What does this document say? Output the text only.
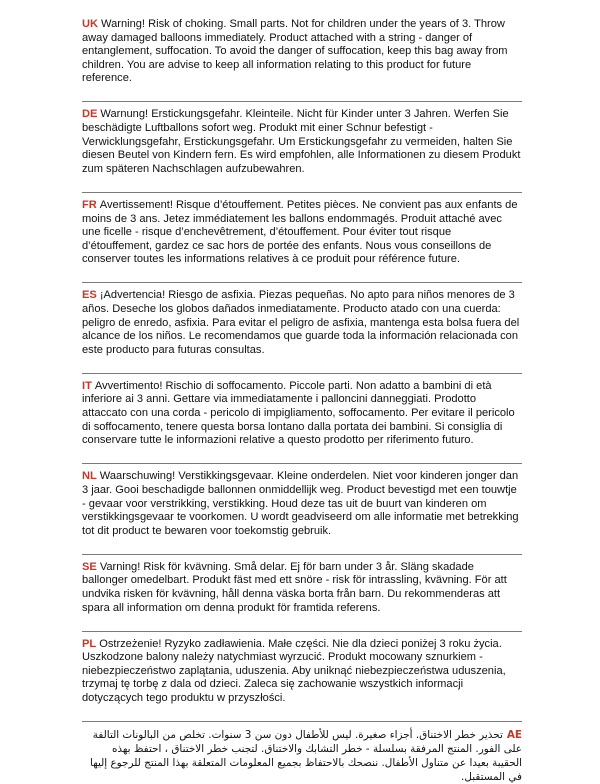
UK Warning! Risk of choking. Small parts. Not for children under the years of 3. Throw away damaged balloons immediately. Product attached with a string - danger of entanglement, suffocation. To avoid the danger of suffocation, keep this bag away from children. You are advise to keep all information relating to this product for future reference.
DE Warnung! Erstickungsgefahr. Kleinteile. Nicht für Kinder unter 3 Jahren. Werfen Sie beschädigte Luftballons sofort weg. Produkt mit einer Schnur befestigt - Verwicklungsgefahr, Erstickungsgefahr. Um Erstickungsgefahr zu vermeiden, halten Sie diesen Beutel von Kindern fern. Es wird empfohlen, alle Informationen zu diesem Produkt zum späteren Nachschlagen aufzubewahren.
FR Avertissement! Risque d’étouffement. Petites pièces. Ne convient pas aux enfants de moins de 3 ans. Jetez immédiatement les ballons endommagés. Produit attaché avec une ficelle - risque d’enchevêtrement, d’étouffement. Pour éviter tout risque d’étouffement, gardez ce sac hors de portée des enfants. Nous vous conseillons de conserver toutes les informations relatives à ce produit pour référence future.
ES ¡Advertencia! Riesgo de asfixia. Piezas pequeñas. No apto para niños menores de 3 años. Deseche los globos dañados inmediatamente. Producto atado con una cuerda: peligro de enredo, asfixia. Para evitar el peligro de asfixia, mantenga esta bolsa fuera del alcance de los niños. Le recomendamos que guarde toda la información relacionada con este producto para futuras consultas.
IT Avvertimento! Rischio di soffocamento. Piccole parti. Non adatto a bambini di età inferiore ai 3 anni. Gettare via immediatamente i palloncini danneggiati. Prodotto attaccato con una corda - pericolo di impigliamento, soffocamento. Per evitare il pericolo di soffocamento, tenere questa borsa lontano dalla portata dei bambini. Si consiglia di conservare tutte le informazioni relative a questo prodotto per riferimento futuro.
NL Waarschuwing! Verstikkingsgevaar. Kleine onderdelen. Niet voor kinderen jonger dan 3 jaar. Gooi beschadigde ballonnen onmiddellijk weg. Product bevestigd met een touwtje - gevaar voor verstrikking, verstikking. Houd deze tas uit de buurt van kinderen om verstikkingsgevaar te voorkomen. U wordt geadviseerd om alle informatie met betrekking tot dit product te bewaren voor toekomstig gebruik.
SE Varning! Risk för kvävning. Små delar. Ej för barn under 3 år. Släng skadade ballonger omedelbart. Produkt fäst med ett snöre - risk för intrassling, kvävning. För att undvika risken för kvävning, håll denna väska borta från barn. Du rekommenderas att spara all information om denna produkt för framtida referens.
PL Ostrzeżenie! Ryzyko zadławienia. Małe części. Nie dla dzieci poniżej 3 roku życia. Uszkodzone balony należy natychmiast wyrzucić. Produkt mocowany sznurkiem - niebezpieczeństwo zaplątania, uduszenia. Aby uniknąć niebezpieczeństwa uduszenia, trzymaj tę torbę z dala od dzieci. Zaleca się zachowanie wszystkich informacji dotyczących tego produktu w przyszłości.
AEتحذير خطر الاختناق. أجزاء صغيرة. ليس للأطفال دون سن 3 سنوات. تخلص من البالونات التالفة على الفور. المنتج المرفقة بسلسلة - خطر التشابك والاختناق. لتجنب خطر الاختناق ، احتفظ بهذه الحقيبة بعيدا عن متناول الأطفال. ننصحك بالاحتفاظ بجميع المعلومات المتعلقة بهذا المنتج للرجوع إليها في المستقبل.
